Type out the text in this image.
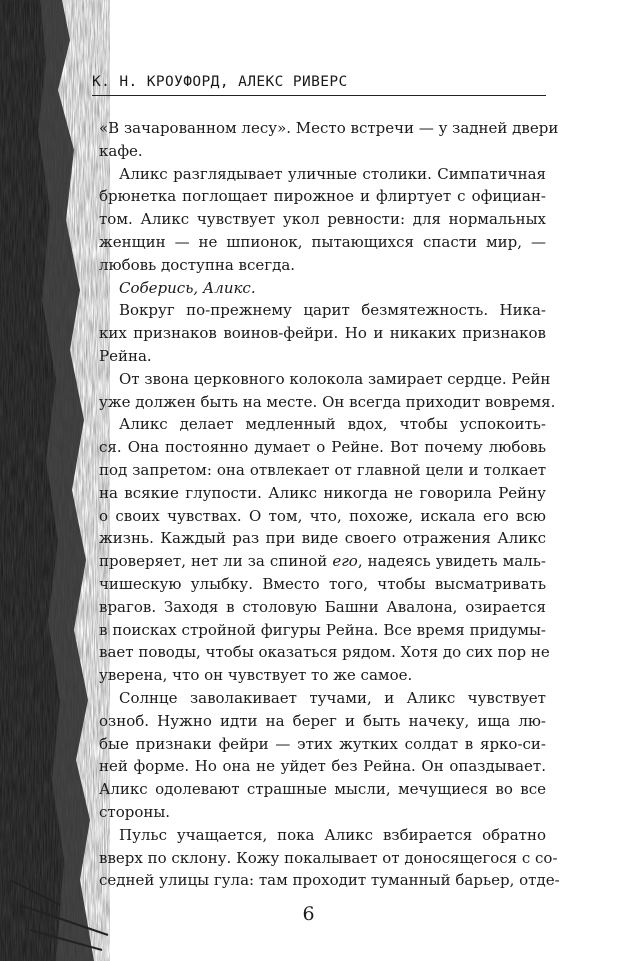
К. Н. КРОУФОРД, АЛЕКС РИВЕРС
«В зачарованном лесу». Место встречи — у задней двери
кафе.
Аликс разглядывает уличные столики. Симпатичная
брюнетка поглощает пирожное и флиртует с официан-
том. Аликс чувствует укол ревности: для нормальных
женщин — не шпионок, пытающихся спасти мир, —
любовь доступна всегда.
Соберись, Аликс.
Вокруг по-прежнему царит безмятежность. Ника-
ких признаков воинов-фейри. Но и никаких признаков
Рейна.
От звона церковного колокола замирает сердце. Рейн
уже должен быть на месте. Он всегда приходит вовремя.
Аликс делает медленный вдох, чтобы успокоить-
ся. Она постоянно думает о Рейне. Вот почему любовь
под запретом: она отвлекает от главной цели и толкает
на всякие глупости. Аликс никогда не говорила Рейну
о своих чувствах. О том, что, похоже, искала его всю
жизнь. Каждый раз при виде своего отражения Аликс
проверяет, нет ли за спиной его, надеясь увидеть маль-
чишескую улыбку. Вместо того, чтобы высматривать
врагов. Заходя в столовую Башни Авалона, озирается
в поисках стройной фигуры Рейна. Все время придумы-
вает поводы, чтобы оказаться рядом. Хотя до сих пор не
уверена, что он чувствует то же самое.
Солнце заволакивает тучами, и Аликс чувствует
озноб. Нужно идти на берег и быть начеку, ища лю-
бые признаки фейри — этих жутких солдат в ярко-си-
ней форме. Но она не уйдет без Рейна. Он опаздывает.
Аликс одолевают страшные мысли, мечущиеся во все
стороны.
Пульс учащается, пока Аликс взбирается обратно
вверх по склону. Кожу покалывает от доносящегося с со-
седней улицы гула: там проходит туманный барьер, отде-
6
